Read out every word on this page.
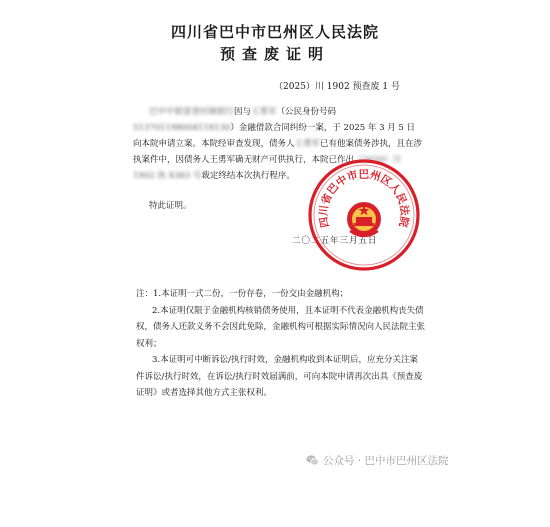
四川省巴中市巴州区人民法院
预查废证明
（2025）川 1902 预查废 1 号

巴中中银富登村镇银行因与王勇军（公民身份号码513701198004118130）金融借款合同纠纷一案，于 2025 年 3 月 5 日向本院申请立案。本院经审查发现，债务人王勇军已有他案债务涉执，且在涉执案件中，因债务人王勇军确无财产可供执行，本院已作出（2020）川 1902 执 4383 号裁定终结本次执行程序。

特此证明。

二〇二五年三月五日
四川省巴中市巴州区人民法院

注：1.本证明一式二份，一份存卷，一份交由金融机构；

2.本证明仅限于金融机构核销债务使用，且本证明不代表金融机构丧失债权，债务人还款义务不会因此免除，金融机构可根据实际情况向人民法院主张权利；

3.本证明可中断诉讼/执行时效，金融机构收到本证明后，应充分关注案件诉讼/执行时效，在诉讼/执行时效届满前，可向本院申请再次出具《预查废证明》或者选择其他方式主张权利。

公众号 · 巴中市巴州区法院
